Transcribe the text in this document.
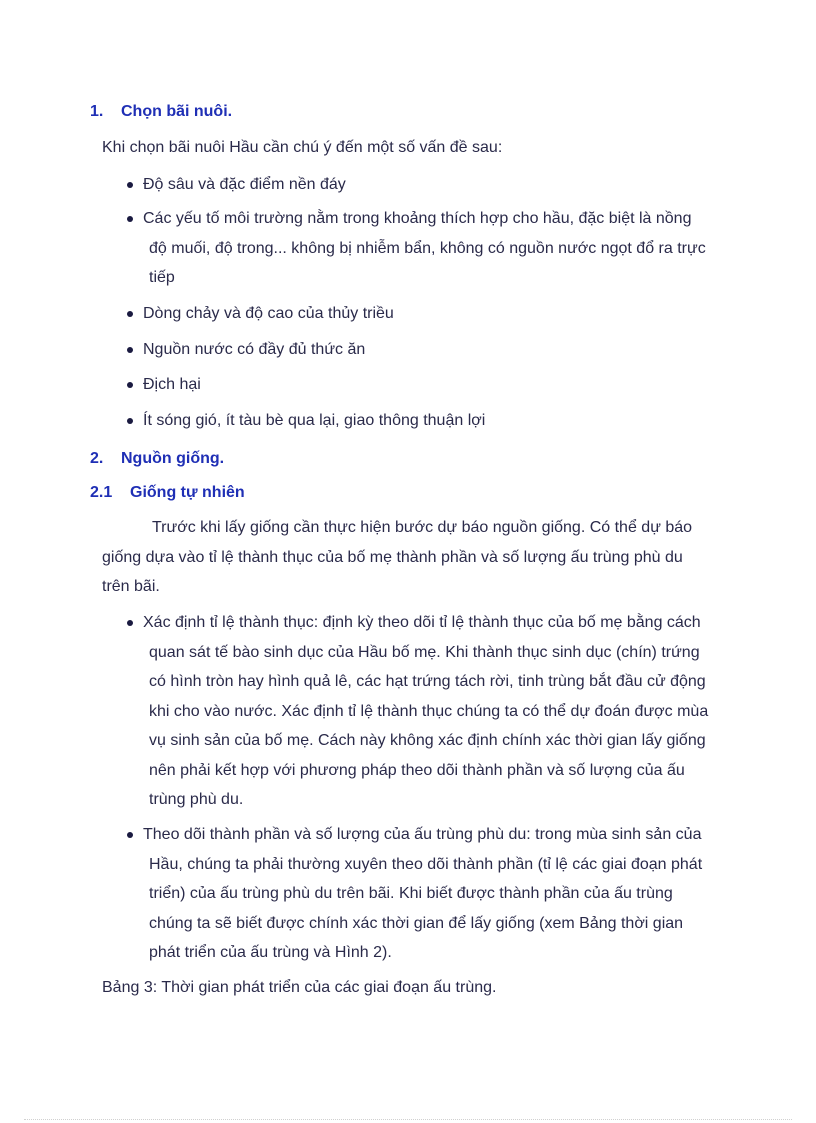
1. Chọn bãi nuôi.
Khi chọn bãi nuôi Hầu cần chú ý đến một số vấn đề sau:
Độ sâu và đặc điểm nền đáy
Các yếu tố môi trường nằm trong khoảng thích hợp cho hầu, đặc biệt là nồng
độ muối, độ trong... không bị nhiễm bẩn, không có nguồn nước ngọt đổ ra trực
tiếp
Dòng chảy và độ cao của thủy triều
Nguồn nước có đầy đủ thức ăn
Địch hại
Ít sóng gió, ít tàu bè qua lại, giao thông thuận lợi
2. Nguồn giống.
2.1 Giống tự nhiên
Trước khi lấy giống cần thực hiện bước dự báo nguồn giống. Có thể dự báo
giống dựa vào tỉ lệ thành thục của bố mẹ thành phần và số lượng ấu trùng phù du
trên bãi.
Xác định tỉ lệ thành thục: định kỳ theo dõi tỉ lệ thành thục của bố mẹ bằng cách
quan sát tế bào sinh dục của Hầu bố mẹ. Khi thành thục sinh dục (chín) trứng
có hình tròn hay hình quả lê, các hạt trứng tách rời, tinh trùng bắt đầu cử động
khi cho vào nước. Xác định tỉ lệ thành thục chúng ta có thể dự đoán được mùa
vụ sinh sản của bố mẹ. Cách này không xác định chính xác thời gian lấy giống
nên phải kết hợp với phương pháp theo dõi thành phần và số lượng của ấu
trùng phù du.
Theo dõi thành phần và số lượng của ấu trùng phù du: trong mùa sinh sản của
Hầu, chúng ta phải thường xuyên theo dõi thành phần (tỉ lệ các giai đoạn phát
triển) của ấu trùng phù du trên bãi. Khi biết được thành phần của ấu trùng
chúng ta sẽ biết được chính xác thời gian để lấy giống (xem Bảng thời gian
phát triển của ấu trùng và Hình 2).
Bảng 3: Thời gian phát triển của các giai đoạn ấu trùng.
